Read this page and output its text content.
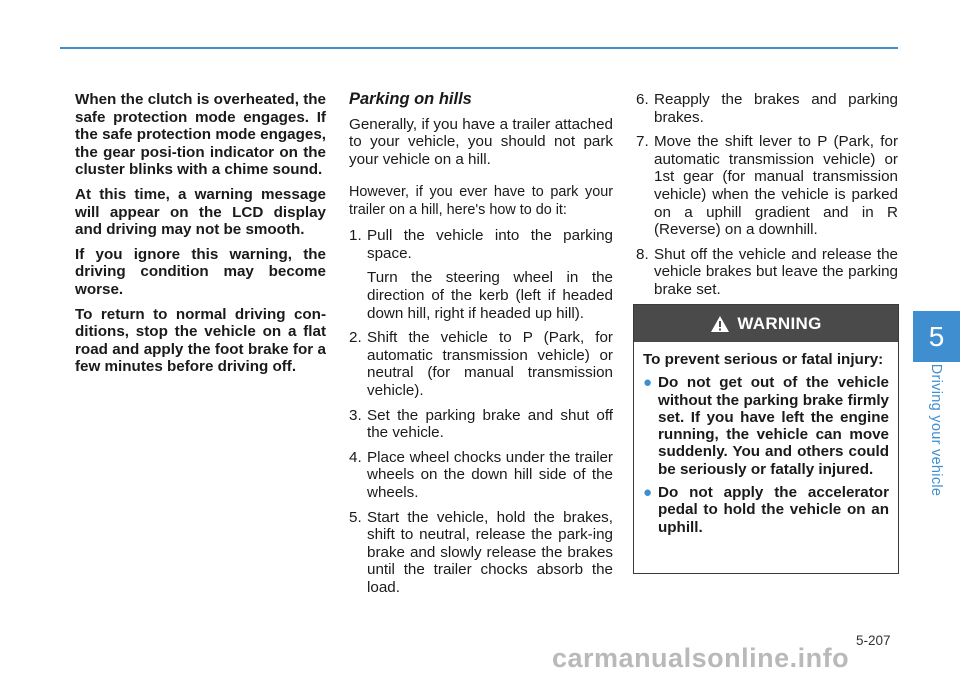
When the clutch is overheated, the safe protection mode engages. If the safe protection mode engages, the gear posi-tion indicator on the cluster blinks with a chime sound.

At this time, a warning message will appear on the LCD display and driving may not be smooth.

If you ignore this warning, the driving condition may become worse.

To return to normal driving con-ditions, stop the vehicle on a flat road and apply the foot brake for a few minutes before driving off.

Parking on hills

Generally, if you have a trailer attached to your vehicle, you should not park your vehicle on a hill.

However, if you ever have to park your trailer on a hill, here's how to do it:

1. Pull the vehicle into the parking space.
Turn the steering wheel in the direction of the kerb (left if headed down hill, right if headed up hill).
2. Shift the vehicle to P (Park, for automatic transmission vehicle) or neutral (for manual transmission vehicle).
3. Set the parking brake and shut off the vehicle.
4. Place wheel chocks under the trailer wheels on the down hill side of the wheels.
5. Start the vehicle, hold the brakes, shift to neutral, release the park-ing brake and slowly release the brakes until the trailer chocks absorb the load.
6. Reapply the brakes and parking brakes.
7. Move the shift lever to P (Park, for automatic transmission vehicle) or 1st gear (for manual transmission vehicle) when the vehicle is parked on a uphill gradient and in R (Reverse) on a downhill.
8. Shut off the vehicle and release the vehicle brakes but leave the parking brake set.
WARNING

To prevent serious or fatal injury:

● Do not get out of the vehicle without the parking brake firmly set. If you have left the engine running, the vehicle can move suddenly. You and others could be seriously or fatally injured.
● Do not apply the accelerator pedal to hold the vehicle on an uphill.
5
Driving your vehicle
5-207
carmanualsonline.info
